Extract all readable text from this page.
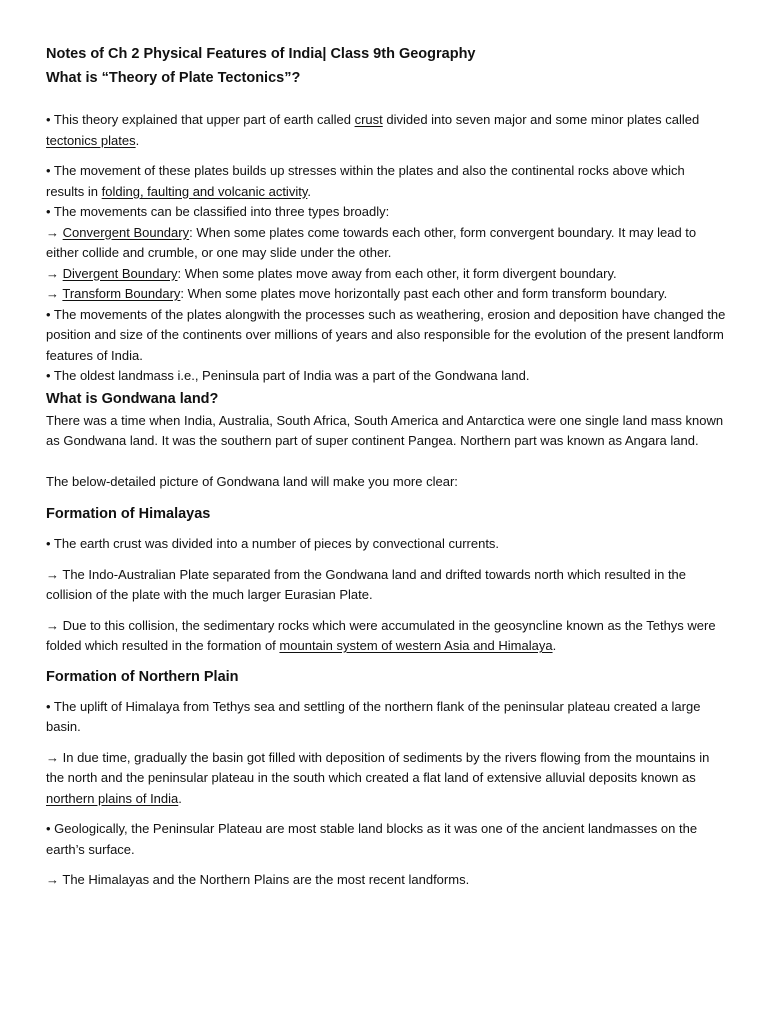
Notes of Ch 2 Physical Features of India| Class 9th Geography
What is “Theory of Plate Tectonics”?

• This theory explained that upper part of earth called crust divided into seven major and some minor plates called tectonics plates.

• The movement of these plates builds up stresses within the plates and also the continental rocks above which results in folding, faulting and volcanic activity.

• The movements can be classified into three types broadly:

→ Convergent Boundary: When some plates come towards each other, form convergent boundary. It may lead to either collide and crumble, or one may slide under the other.

→ Divergent Boundary: When some plates move away from each other, it form divergent boundary.

→ Transform Boundary: When some plates move horizontally past each other and form transform boundary.

• The movements of the plates alongwith the processes such as weathering, erosion and deposition have changed the position and size of the continents over millions of years and also responsible for the evolution of the present landform features of India.

• The oldest landmass i.e., Peninsula part of India was a part of the Gondwana land.

What is Gondwana land?

There was a time when India, Australia, South Africa, South America and Antarctica were one single land mass known as Gondwana land. It was the southern part of super continent Pangea. Northern part was known as Angara land.

The below-detailed picture of Gondwana land will make you more clear:

Formation of Himalayas

• The earth crust was divided into a number of pieces by convectional currents.

→ The Indo-Australian Plate separated from the Gondwana land and drifted towards north which resulted in the collision of the plate with the much larger Eurasian Plate.

→ Due to this collision, the sedimentary rocks which were accumulated in the geosyncline known as the Tethys were folded which resulted in the formation of mountain system of western Asia and Himalaya.

Formation of Northern Plain

• The uplift of Himalaya from Tethys sea and settling of the northern flank of the peninsular plateau created a large basin.

→ In due time, gradually the basin got filled with deposition of sediments by the rivers flowing from the mountains in the north and the peninsular plateau in the south which created a flat land of extensive alluvial deposits known as northern plains of India.

• Geologically, the Peninsular Plateau are most stable land blocks as it was one of the ancient landmasses on the earth’s surface.

→ The Himalayas and the Northern Plains are the most recent landforms.
